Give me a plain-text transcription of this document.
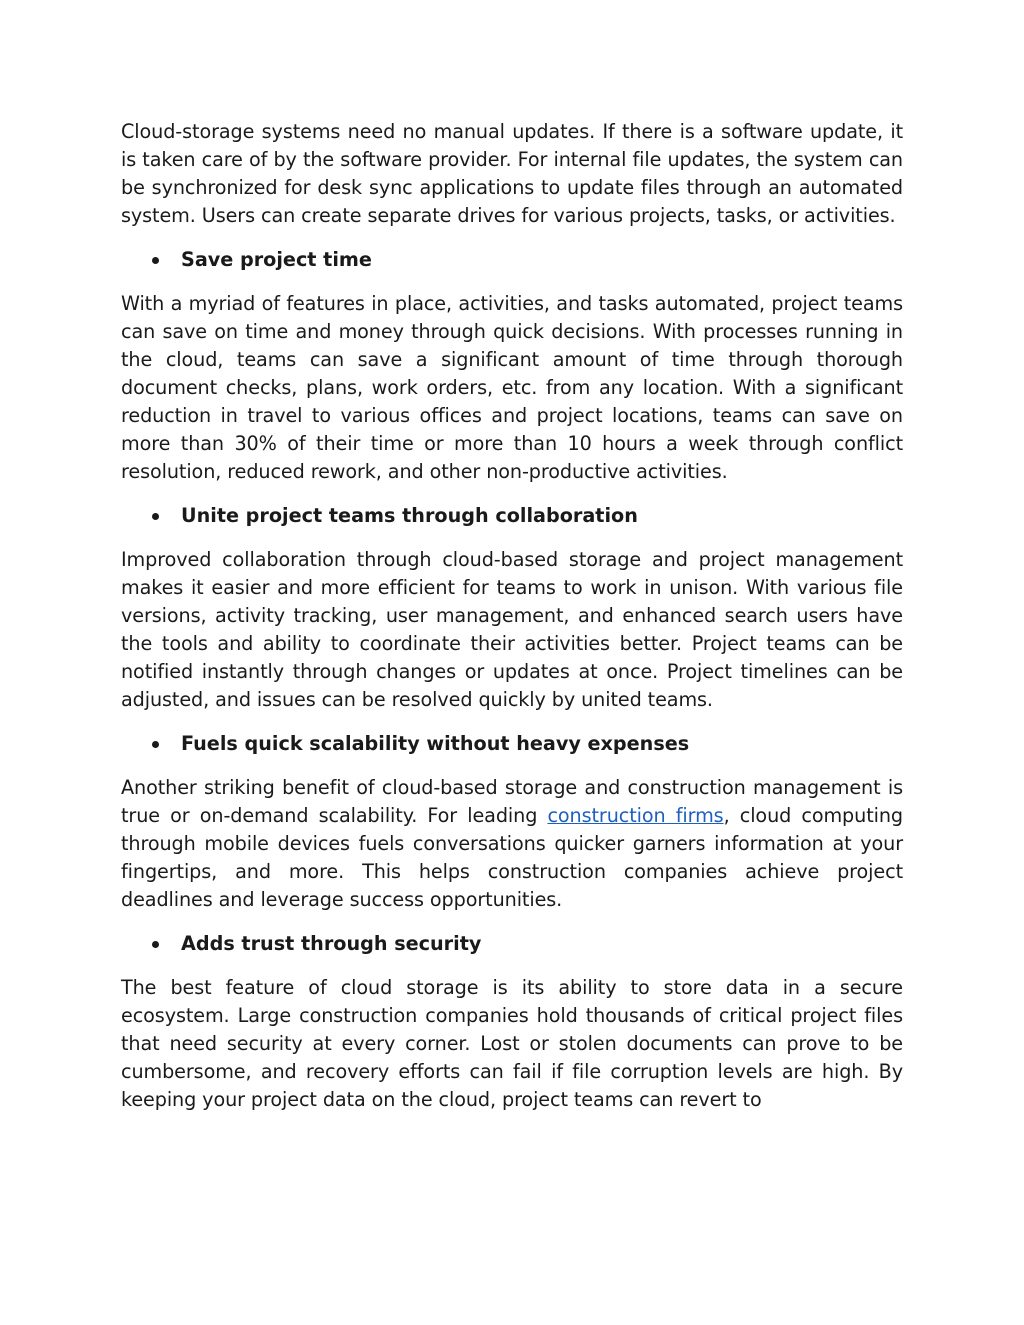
Cloud-storage systems need no manual updates. If there is a software update, it is taken care of by the software provider. For internal file updates, the system can be synchronized for desk sync applications to update files through an automated system. Users can create separate drives for various projects, tasks, or activities.

Save project time

With a myriad of features in place, activities, and tasks automated, project teams can save on time and money through quick decisions. With processes running in the cloud, teams can save a significant amount of time through thorough document checks, plans, work orders, etc. from any location. With a significant reduction in travel to various offices and project locations, teams can save on more than 30% of their time or more than 10 hours a week through conflict resolution, reduced rework, and other non-productive activities.

Unite project teams through collaboration

Improved collaboration through cloud-based storage and project management makes it easier and more efficient for teams to work in unison. With various file versions, activity tracking, user management, and enhanced search users have the tools and ability to coordinate their activities better. Project teams can be notified instantly through changes or updates at once. Project timelines can be adjusted, and issues can be resolved quickly by united teams.

Fuels quick scalability without heavy expenses

Another striking benefit of cloud-based storage and construction management is true or on-demand scalability. For leading construction firms, cloud computing through mobile devices fuels conversations quicker garners information at your fingertips, and more. This helps construction companies achieve project deadlines and leverage success opportunities.

Adds trust through security

The best feature of cloud storage is its ability to store data in a secure ecosystem. Large construction companies hold thousands of critical project files that need security at every corner. Lost or stolen documents can prove to be cumbersome, and recovery efforts can fail if file corruption levels are high. By keeping your project data on the cloud, project teams can revert to
